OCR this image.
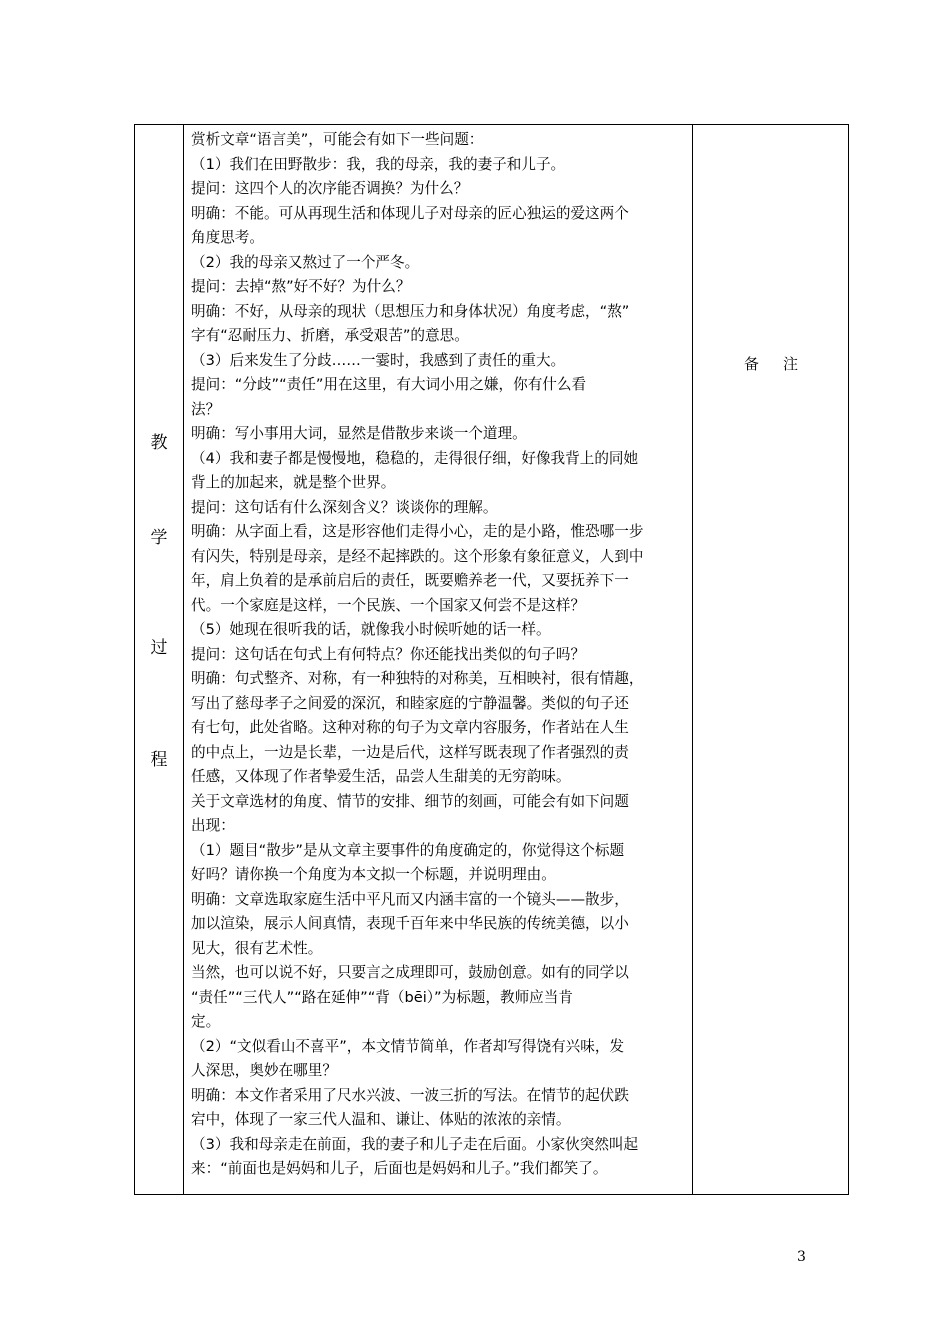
教
学
过
程

赏析文章“语言美”，可能会有如下一些问题：

（1）我们在田野散步：我，我的母亲，我的妻子和儿子。

提问：这四个人的次序能否调换？为什么？

明确：不能。可从再现生活和体现儿子对母亲的匠心独运的爱这两个

角度思考。

（2）我的母亲又熬过了一个严冬。

提问：去掉“熬”好不好？为什么？

明确：不好，从母亲的现状（思想压力和身体状况）角度考虑，“熬”

字有“忍耐压力、折磨，承受艰苦”的意思。

（3）后来发生了分歧……一霎时，我感到了责任的重大。

提问：“分歧”“责任”用在这里，有大词小用之嫌，你有什么看

法？

明确：写小事用大词，显然是借散步来谈一个道理。

（4）我和妻子都是慢慢地，稳稳的，走得很仔细，好像我背上的同她

背上的加起来，就是整个世界。

提问：这句话有什么深刻含义？谈谈你的理解。

明确：从字面上看，这是形容他们走得小心，走的是小路，惟恐哪一步

有闪失，特别是母亲，是经不起摔跌的。这个形象有象征意义，人到中

年，肩上负着的是承前启后的责任，既要赡养老一代，又要抚养下一

代。一个家庭是这样，一个民族、一个国家又何尝不是这样？

（5）她现在很听我的话，就像我小时候听她的话一样。

提问：这句话在句式上有何特点？你还能找出类似的句子吗？

明确：句式整齐、对称，有一种独特的对称美，互相映衬，很有情趣，

写出了慈母孝子之间爱的深沉，和睦家庭的宁静温馨。类似的句子还

有七句，此处省略。这种对称的句子为文章内容服务，作者站在人生

的中点上，一边是长辈，一边是后代，这样写既表现了作者强烈的责

任感，又体现了作者挚爱生活，品尝人生甜美的无穷韵味。

关于文章选材的角度、情节的安排、细节的刻画，可能会有如下问题

出现：

（1）题目“散步”是从文章主要事件的角度确定的，你觉得这个标题

好吗？请你换一个角度为本文拟一个标题，并说明理由。

明确：文章选取家庭生活中平凡而又内涵丰富的一个镜头——散步，

加以渲染，展示人间真情，表现千百年来中华民族的传统美德，以小

见大，很有艺术性。

当然，也可以说不好，只要言之成理即可，鼓励创意。如有的同学以

“责任”“三代人”“路在延伸”“背（bēi）”为标题，教师应当肯

定。

（2）“文似看山不喜平”，本文情节简单，作者却写得饶有兴味，发

人深思，奥妙在哪里？

明确：本文作者采用了尺水兴波、一波三折的写法。在情节的起伏跌

宕中，体现了一家三代人温和、谦让、体贴的浓浓的亲情。

（3）我和母亲走在前面，我的妻子和儿子走在后面。小家伙突然叫起

来：“前面也是妈妈和儿子，后面也是妈妈和儿子。”我们都笑了。

备注
3
